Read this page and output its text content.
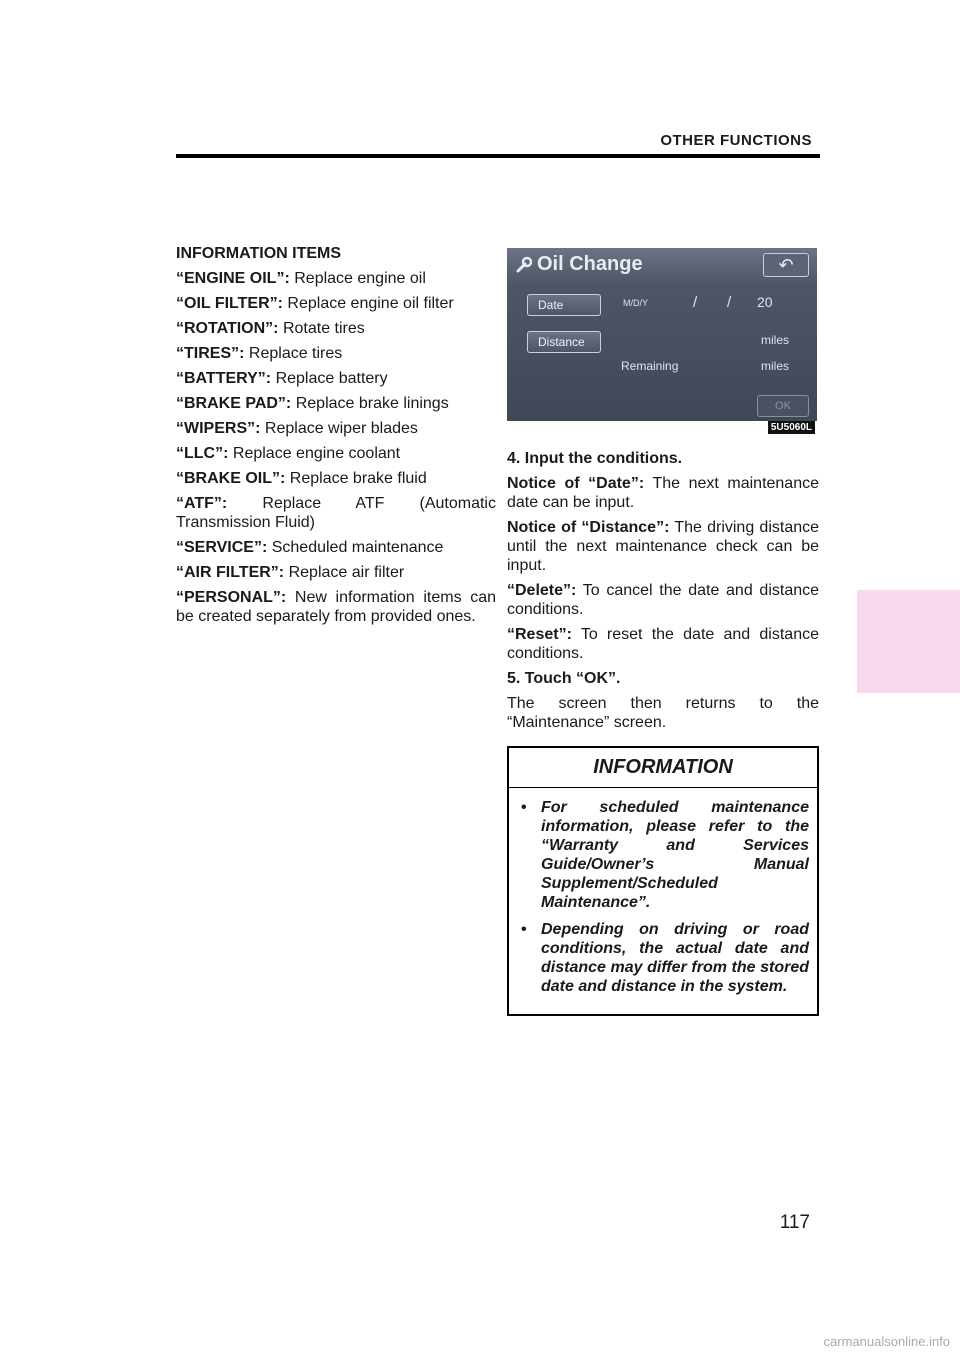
OTHER FUNCTIONS
INFORMATION ITEMS

“ENGINE OIL”: Replace engine oil

“OIL FILTER”: Replace engine oil filter

“ROTATION”: Rotate tires

“TIRES”: Replace tires

“BATTERY”: Replace battery

“BRAKE PAD”: Replace brake linings

“WIPERS”: Replace wiper blades

“LLC”: Replace engine coolant

“BRAKE OIL”: Replace brake fluid

“ATF”: Replace ATF (Automatic Transmission Fluid)

“SERVICE”: Scheduled maintenance

“AIR FILTER”: Replace air filter

“PERSONAL”: New information items can be created separately from provided ones.

Oil Change	↶
Date	M/D/Y	/ / 20
Distance	miles
Remaining	miles
OK
5U5060L
4. Input the conditions.

Notice of “Date”: The next maintenance date can be input.

Notice of “Distance”: The driving distance until the next maintenance check can be input.

“Delete”: To cancel the date and distance conditions.

“Reset”: To reset the date and distance conditions.

5. Touch “OK”.

The screen then returns to the “Maintenance” screen.

INFORMATION
• For scheduled maintenance information, please refer to the “Warranty and Services Guide/Owner’s Manual Supplement/Scheduled Maintenance”.
• Depending on driving or road conditions, the actual date and distance may differ from the stored date and distance in the system.
117
carmanualsonline.info
